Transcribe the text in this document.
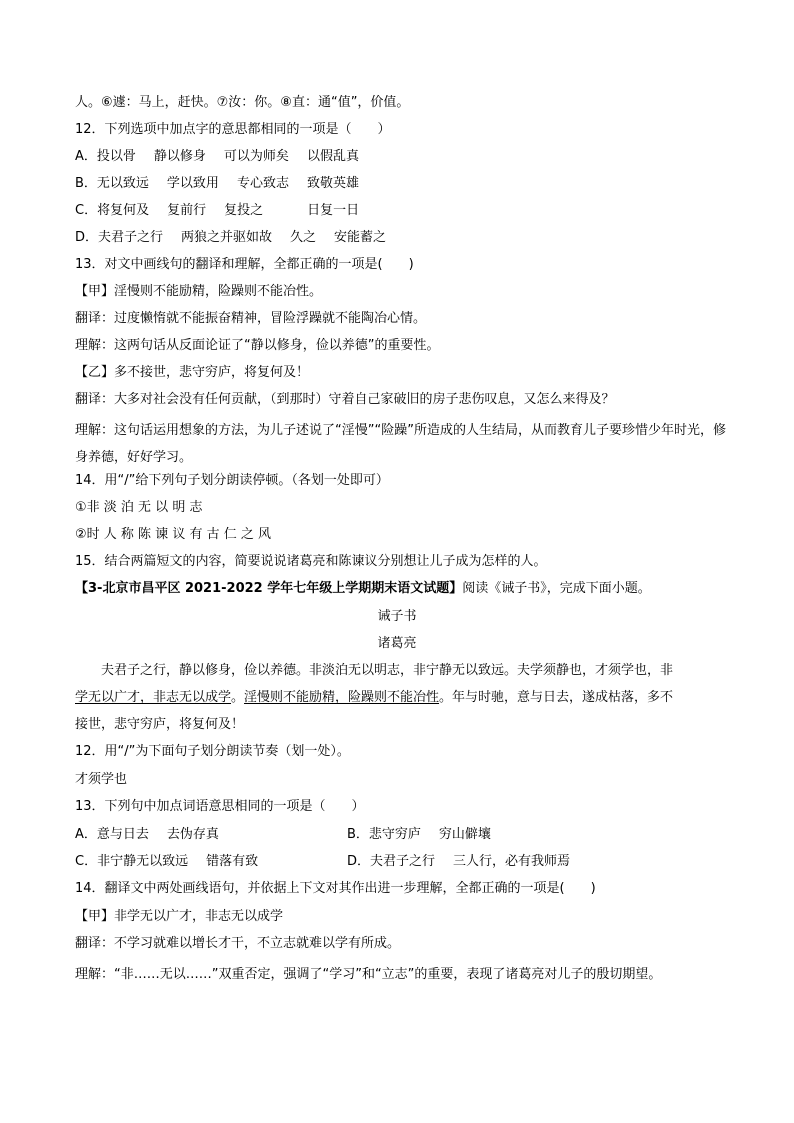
人。⑥遽：马上，赶快。⑦汝：你。⑧直：通“值”，价值。
12．下列选项中加点字的意思都相同的一项是（　　）
A．投以骨 静以修身 可以为师矣 以假乱真
B．无以致远 学以致用 专心致志 致敬英雄
C．将复何及 复前行 复投之	日复一日
D．夫君子之行 两狼之并驱如故 久之 安能蓄之
13．对文中画线句的翻译和理解，全都正确的一项是(　　)
【甲】淫慢则不能励精，险躁则不能冶性。
翻译：过度懒惰就不能振奋精神，冒险浮躁就不能陶冶心情。
理解：这两句话从反面论证了“静以修身，俭以养德”的重要性。
【乙】多不接世，悲守穷庐，将复何及！
翻译：大多对社会没有任何贡献，（到那时）守着自己家破旧的房子悲伤叹息，又怎么来得及？
理解：这句话运用想象的方法，为儿子述说了“淫慢”“险躁”所造成的人生结局，从而教育儿子要珍惜少年时光，修身养德，好好学习。
14．用“/”给下列句子划分朗读停顿。（各划一处即可）
①非 淡 泊 无 以 明 志
②时 人 称 陈 谏 议 有 古 仁 之 风
15．结合两篇短文的内容，简要说说诸葛亮和陈谏议分别想让儿子成为怎样的人。
【3-北京市昌平区 2021-2022 学年七年级上学期期末语文试题】阅读《诫子书》，完成下面小题。
诫子书
诸葛亮
夫君子之行，静以修身，俭以养德。非淡泊无以明志，非宁静无以致远。夫学须静也，才须学也，非
学无以广才，非志无以成学。淫慢则不能励精，险躁则不能冶性。年与时驰，意与日去，遂成枯落，多不
接世，悲守穷庐，将复何及！
12．用“/”为下面句子划分朗读节奏（划一处）。
才须学也
13．下列句中加点词语意思相同的一项是（　　）
A．意与日去 去伪存真	B．悲守穷庐 穷山僻壤
C．非宁静无以致远 错落有致	D．夫君子之行 三人行，必有我师焉
14．翻译文中两处画线语句，并依据上下文对其作出进一步理解，全都正确的一项是(　　)
【甲】非学无以广才，非志无以成学
翻译：不学习就难以增长才干，不立志就难以学有所成。
理解：“非……无以……”双重否定，强调了“学习”和“立志”的重要，表现了诸葛亮对儿子的殷切期望。
